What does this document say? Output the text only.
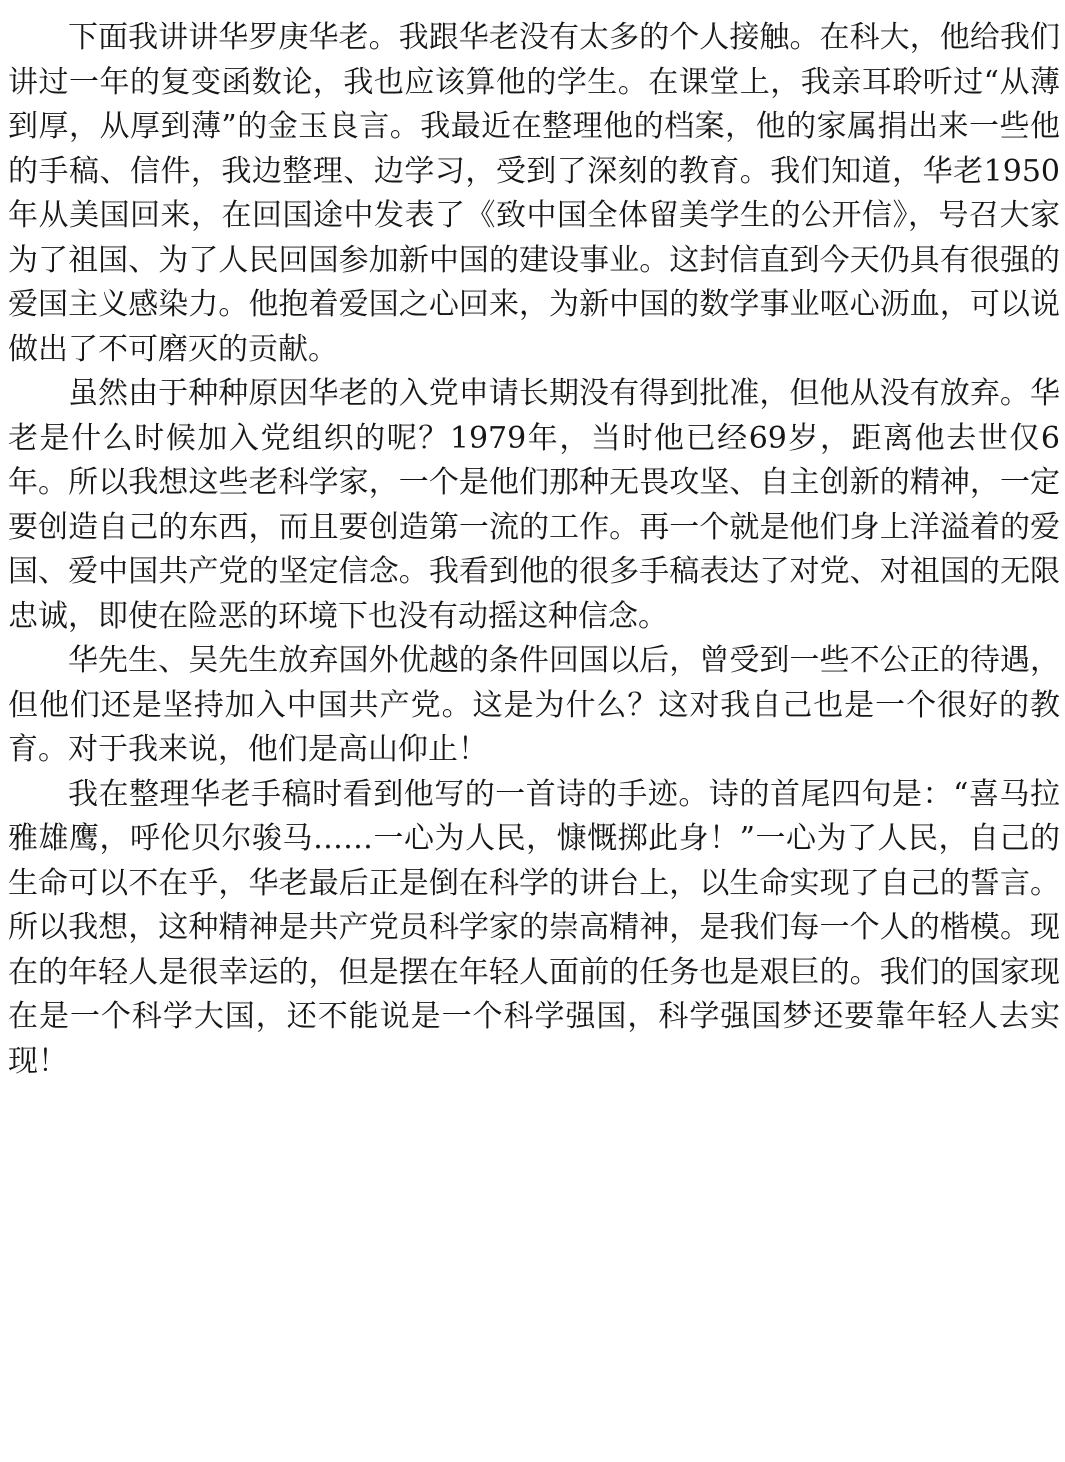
下面我讲讲华罗庚华老。我跟华老没有太多的个人接触。在科大，他给我们讲过一年的复变函数论，我也应该算他的学生。在课堂上，我亲耳聆听过“从薄到厚，从厚到薄”的金玉良言。我最近在整理他的档案，他的家属捐出来一些他的手稿、信件，我边整理、边学习，受到了深刻的教育。我们知道，华老1950年从美国回来，在回国途中发表了《致中国全体留美学生的公开信》，号召大家为了祖国、为了人民回国参加新中国的建设事业。这封信直到今天仍具有很强的爱国主义感染力。他抱着爱国之心回来，为新中国的数学事业呕心沥血，可以说做出了不可磨灭的贡献。

虽然由于种种原因华老的入党申请长期没有得到批准，但他从没有放弃。华老是什么时候加入党组织的呢？1979年，当时他已经69岁，距离他去世仅6年。所以我想这些老科学家，一个是他们那种无畏攻坚、自主创新的精神，一定要创造自己的东西，而且要创造第一流的工作。再一个就是他们身上洋溢着的爱国、爱中国共产党的坚定信念。我看到他的很多手稿表达了对党、对祖国的无限忠诚，即使在险恶的环境下也没有动摇这种信念。

华先生、吴先生放弃国外优越的条件回国以后，曾受到一些不公正的待遇，但他们还是坚持加入中国共产党。这是为什么？这对我自己也是一个很好的教育。对于我来说，他们是高山仰止！

我在整理华老手稿时看到他写的一首诗的手迹。诗的首尾四句是：“喜马拉雅雄鹰，呼伦贝尔骏马……一心为人民，慷慨掷此身！”一心为了人民，自己的生命可以不在乎，华老最后正是倒在科学的讲台上，以生命实现了自己的誓言。所以我想，这种精神是共产党员科学家的崇高精神，是我们每一个人的楷模。现在的年轻人是很幸运的，但是摆在年轻人面前的任务也是艰巨的。我们的国家现在是一个科学大国，还不能说是一个科学强国，科学强国梦还要靠年轻人去实现！
